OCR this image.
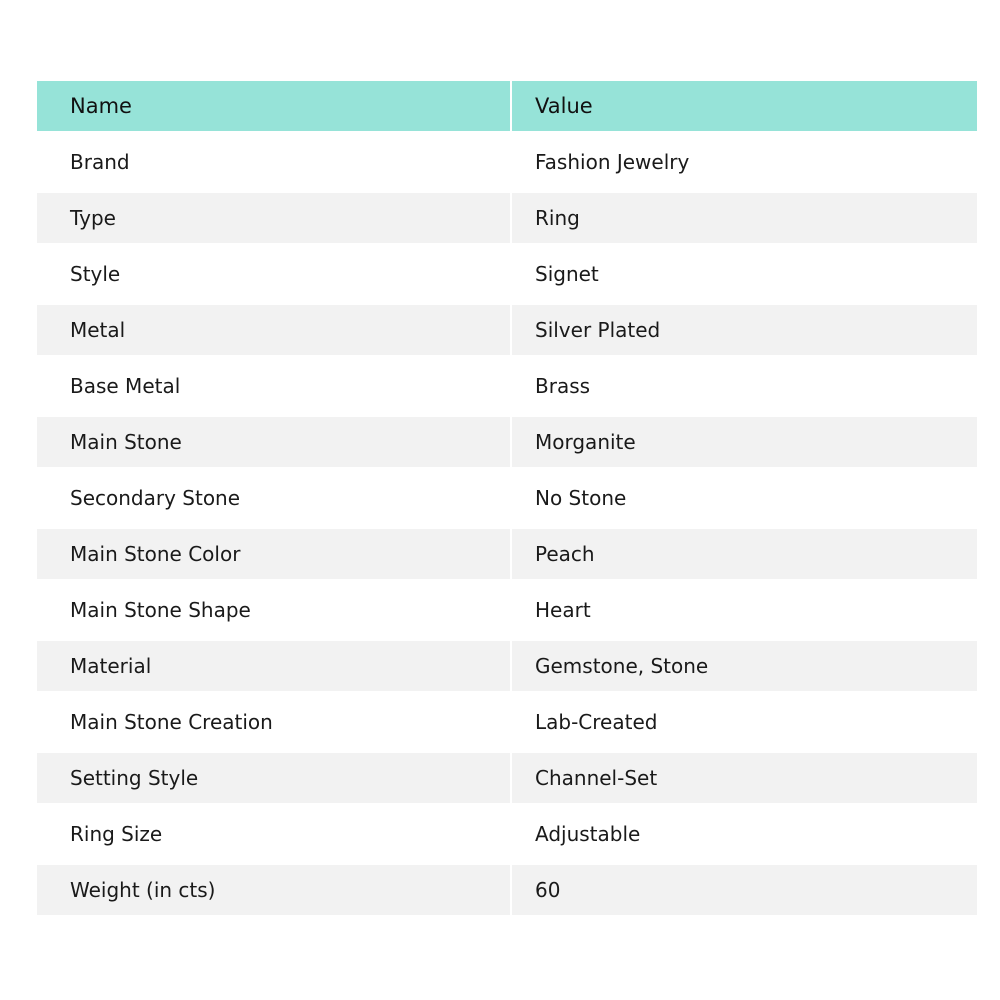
Name	Value
Brand	Fashion Jewelry
Type	Ring
Style	Signet
Metal	Silver Plated
Base Metal	Brass
Main Stone	Morganite
Secondary Stone	No Stone
Main Stone Color	Peach
Main Stone Shape	Heart
Material	Gemstone, Stone
Main Stone Creation	Lab-Created
Setting Style	Channel-Set
Ring Size	Adjustable
Weight (in cts)	60
